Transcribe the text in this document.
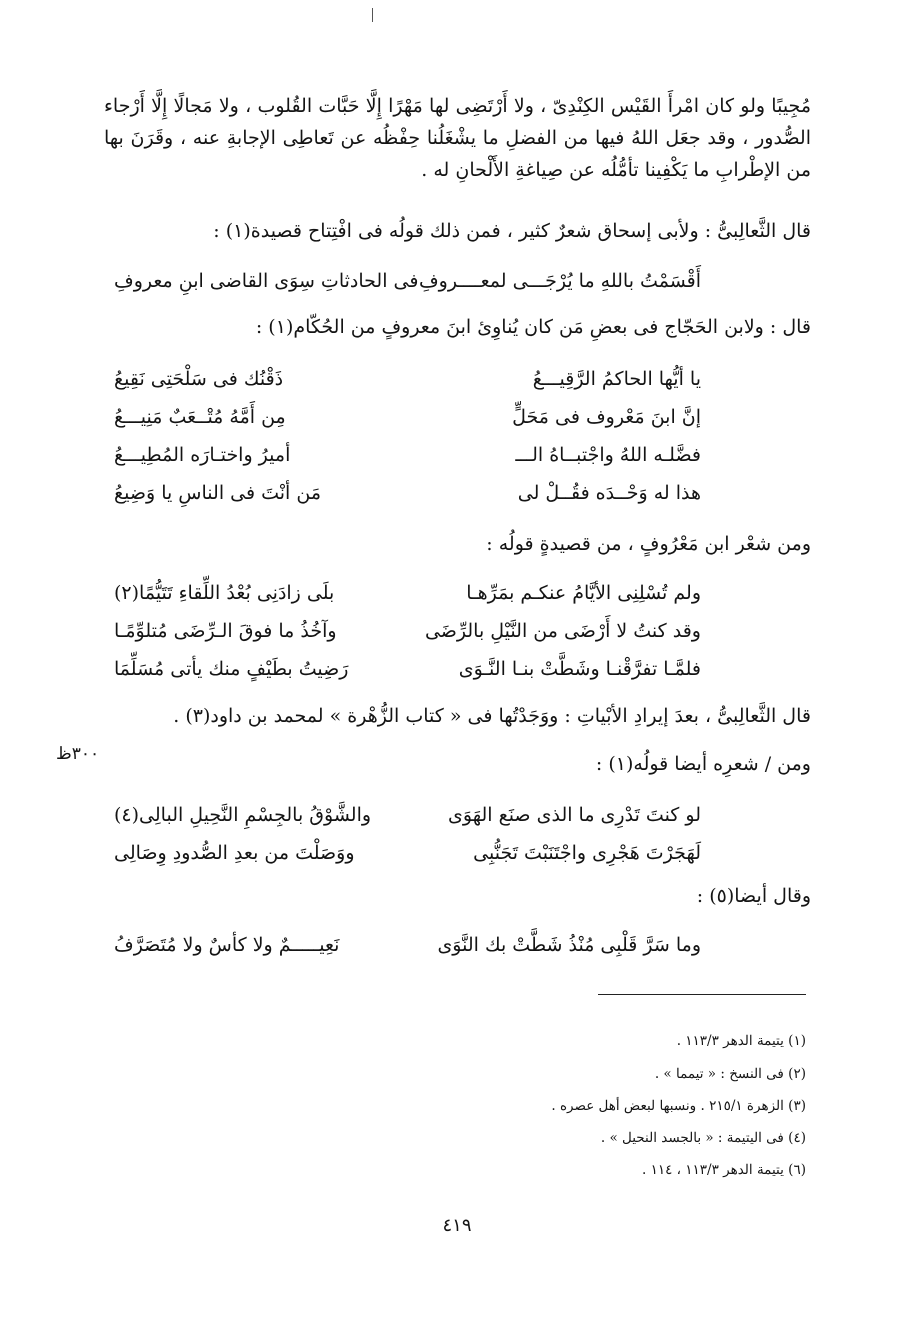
مُجِيبًا ولو كان امْرأَ القَيْس الكِنْدِىّ ، ولا أَرْتَضِى لها مَهْرًا إِلَّا حَبَّات القُلوب ، ولا مَجالًا إِلَّا أَرْجاء الصُّدور ، وقد جعَل اللهُ فيها من الفضلِ ما يشْغَلُنا حِفْظُه عن تَعاطِى الإجابةِ عنه ، وقَرَنَ بها من الإطْرابِ ما يَكْفِينا تأمُّلُه عن صِياغةِ الأَلْحانِ له .
قال الثَّعالِبىُّ : ولأبى إسحاق شعرٌ كثير ، فمن ذلك قولُه فى افْتِتاح قصيدة(١) :
أَقْسَمْتُ باللهِ ما يُرْجَـــى لمعــــروفِ
فى الحادثاتِ سِوَى القاضى ابنِ معروفِ
قال : ولابن الحَجّاج فى بعضِ مَن كان يُناوِئ ابنَ معروفٍ من الحُكّام(١) :
يا أيُّها الحاكمُ الرَّقِيـــعُ
ذَقْنُك فى سَلْحَتِى نَقِيعُ
إنَّ ابنَ مَعْروف فى مَحَلٍّ
مِن أَمَّهُ مُتْــعَبٌ مَنِيـــعُ
فضَّلـه اللهُ واجْتبــاهُ الـــ
أميرُ واختـارَه المُطِيـــعُ
هذا له وَحْــدَه فقُــلْ لى
مَن أنْتَ فى الناسِ يا وَضِيعُ
ومن شعْر ابن مَعْرُوفٍ ، من قصيدةٍ قولُه :
ولم تُسْلِنِى الأيَّامُ عنكـم بمَرِّهـا
بلَى زادَنِى بُعْدُ اللِّقاءِ تَتَيُّمًا(٢)
وقد كنتُ لا أَرْضَى من النَّيْلِ بالرِّضَى
وآخُذُ ما فوقَ الـرِّضَى مُتلوِّمًـا
فلمَّـا تفرَّقْنـا وشَطَّتْ بنـا النَّـوَى
رَضِيتُ بطَيْفٍ منك يأتى مُسَلِّمَا
قال الثَّعالِبىُّ ، بعدَ إيرادِ الأبْياتِ : ووَجَدْتُها فى « كتاب الزُّهْرة » لمحمد بن داود(٣) .
٣٠٠ظ	ومن / شعرِه أيضا قولُه(١) :
لو كنتَ تَدْرِى ما الذى صنَع الهَوَى
والشَّوْقُ بالجِسْمِ النَّحِيلِ البالِى(٤)
لَهَجَرْتَ هَجْرِى واجْتَنَبْتَ تَجَنُّبِى
ووَصَلْتَ من بعدِ الصُّدودِ وِصَالِى
وقال أيضا(٥) :
وما سَرَّ قَلْبِى مُنْذُ شَطَّتْ بك النَّوَى
نَعِيـــــمٌ ولا كأسٌ ولا مُتَصَرَّفُ
(١) يتيمة الدهر ١١٣/٣ .
(٢) فى النسخ : « تيمما » .
(٣) الزهرة ٢١٥/١ . ونسبها لبعض أهل عصره .
(٤) فى اليتيمة : « بالجسد النحيل » .
(٦) يتيمة الدهر ١١٣/٣ ، ١١٤ .
٤١٩
